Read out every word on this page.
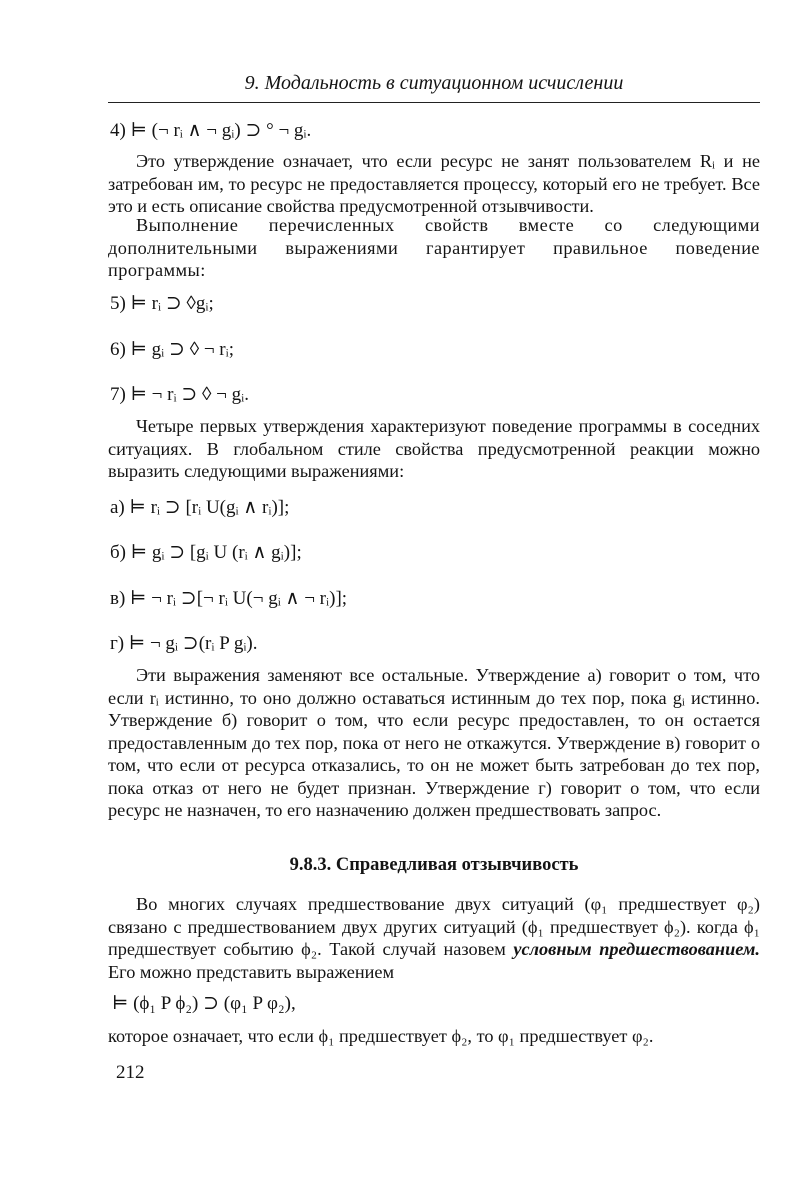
9. Модальность в ситуационном исчислении
4) ⊨ (¬ rᵢ ∧ ¬ gᵢ) ⊃ ° ¬ gᵢ.
Это утверждение означает, что если ресурс не занят пользователем Rᵢ и не затребован им, то ресурс не предоставляется процессу, который его не требует. Все это и есть описание свойства предусмотренной отзывчивости.
Выполнение перечисленных свойств вместе со следующими дополнительными выражениями гарантирует правильное поведение программы:
5) ⊨ rᵢ ⊃ ◊gᵢ;
6) ⊨ gᵢ ⊃ ◊ ¬ rᵢ;
7) ⊨ ¬ rᵢ ⊃ ◊ ¬ gᵢ.
Четыре первых утверждения характеризуют поведение программы в соседних ситуациях. В глобальном стиле свойства предусмотренной реакции можно выразить следующими выражениями:
а) ⊨ rᵢ ⊃ [rᵢ U(gᵢ ∧ rᵢ)];
б) ⊨ gᵢ ⊃ [gᵢ U (rᵢ ∧ gᵢ)];
в) ⊨ ¬ rᵢ ⊃[¬ rᵢ U(¬ gᵢ ∧ ¬ rᵢ)];
г) ⊨ ¬ gᵢ ⊃(rᵢ P gᵢ).
Эти выражения заменяют все остальные. Утверждение а) говорит о том, что если rᵢ истинно, то оно должно оставаться истинным до тех пор, пока gᵢ истинно. Утверждение б) говорит о том, что если ресурс предоставлен, то он остается предоставленным до тех пор, пока от него не откажутся. Утверждение в) говорит о том, что если от ресурса отказались, то он не может быть затребован до тех пор, пока отказ от него не будет признан. Утверждение г) говорит о том, что если ресурс не назначен, то его назначению должен предшествовать запрос.
9.8.3. Справедливая отзывчивость
Во многих случаях предшествование двух ситуаций (φ₁ предшествует φ₂) связано с предшествованием двух других ситуаций (ϕ₁ предшествует ϕ₂). когда ϕ₁ предшествует событию ϕ₂. Такой случай назовем условным предшествованием. Его можно представить выражением
⊨ (ϕ₁ P ϕ₂) ⊃ (φ₁ P φ₂),
которое означает, что если ϕ₁ предшествует ϕ₂, то φ₁ предшествует φ₂.
212
